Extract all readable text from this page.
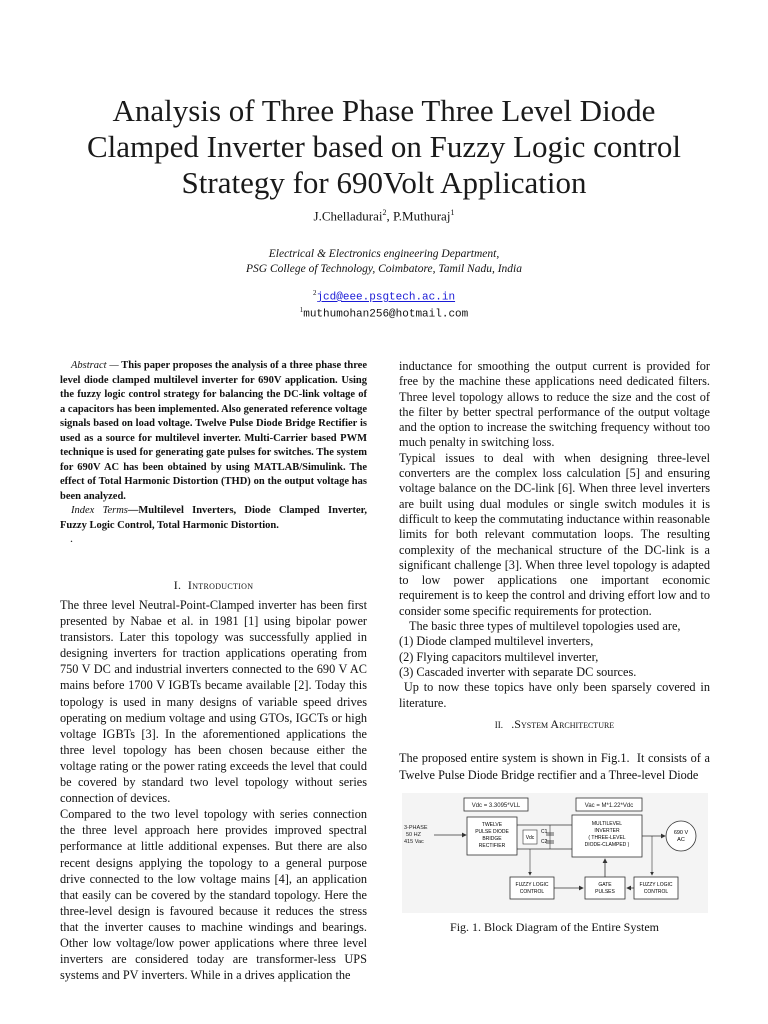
Analysis of Three Phase Three Level Diode
Clamped Inverter based on Fuzzy Logic control
Strategy for 690Volt Application
J.Chelladurai$^2$, P.Muthuraj$^1$
Electrical & Electronics engineering Department,
PSG College of Technology, Coimbatore, Tamil Nadu, India
$^2$jcd@eee.psgtech.ac.in
$^1$muthumohan256@hotmail.com

Abstract — This paper proposes the analysis of a three phase three level diode clamped multilevel inverter for 690V application. Using the fuzzy logic control strategy for balancing the DC-link voltage of a capacitors has been implemented. Also generated reference voltage signals based on load voltage. Twelve Pulse Diode Bridge Rectifier is used as a source for multilevel inverter. Multi-Carrier based PWM technique is used for generating gate pulses for switches. The system for 690V AC has been obtained by using MATLAB/Simulink. The effect of Total Harmonic Distortion (THD) on the output voltage has been analyzed.

Index Terms—Multilevel Inverters, Diode Clamped Inverter, Fuzzy Logic Control, Total Harmonic Distortion.

.
I. Introduction

The three level Neutral-Point-Clamped inverter has been first presented by Nabae et al. in 1981 [1] using bipolar power transistors. Later this topology was successfully applied in designing inverters for traction applications operating from 750 V DC and industrial inverters connected to the 690 V AC mains before 1700 V IGBTs became available [2]. Today this topology is used in many designs of variable speed drives operating on medium voltage and using GTOs, IGCTs or high voltage IGBTs [3]. In the aforementioned applications the three level topology has been chosen because either the voltage rating or the power rating exceeds the level that could be covered by standard two level topology without series connection of devices.

Compared to the two level topology with series connection the three level approach here provides improved spectral performance at little additional expenses. But there are also recent designs applying the topology to a general purpose drive connected to the low voltage mains [4], an application that easily can be covered by the standard topology. Here the three-level design is favoured because it reduces the stress that the inverter causes to machine windings and bearings. Other low voltage/low power applications where three level inverters are considered today are transformer-less UPS systems and PV inverters. While in a drives application the

inductance for smoothing the output current is provided for free by the machine these applications need dedicated filters. Three level topology allows to reduce the size and the cost of the filter by better spectral performance of the output voltage and the option to increase the switching frequency without too much penalty in switching loss.

Typical issues to deal with when designing three-level converters are the complex loss calculation [5] and ensuring voltage balance on the DC-link [6]. When three level inverters are built using dual modules or single switch modules it is difficult to keep the commutating inductance within reasonable limits for both relevant commutation loops. The resulting complexity of the mechanical structure of the DC-link is a significant challenge [3]. When three level topology is adapted to low power applications one important economic requirement is to keep the control and driving effort low and to consider some specific requirements for protection.

The basic three types of multilevel topologies used are,

(1) Diode clamped multilevel inverters,

(2) Flying capacitors multilevel inverter,

(3) Cascaded inverter with separate DC sources.

Up to now these topics have only been sparsely covered in literature.

II. .System Architecture

The proposed entire system is shown in Fig.1.  It consists of a Twelve Pulse Diode Bridge rectifier and a Three-level Diode

Vdc = 3.3095*VLL	Vac = M*1.22*Vdc
3-PHASE
50 HZ
415 Vac
TWELVE
PULSE DIODE
BRIDGE
RECTIFIER
Vdc
C1
C2
MULTILEVEL
INVERTER
( THREE-LEVEL
DIODE-CLAMPED )
690 V
AC
FUZZY LOGIC
CONTROL
GATE
PULSES
FUZZY LOGIC
CONTROL
Fig. 1. Block Diagram of the Entire System
